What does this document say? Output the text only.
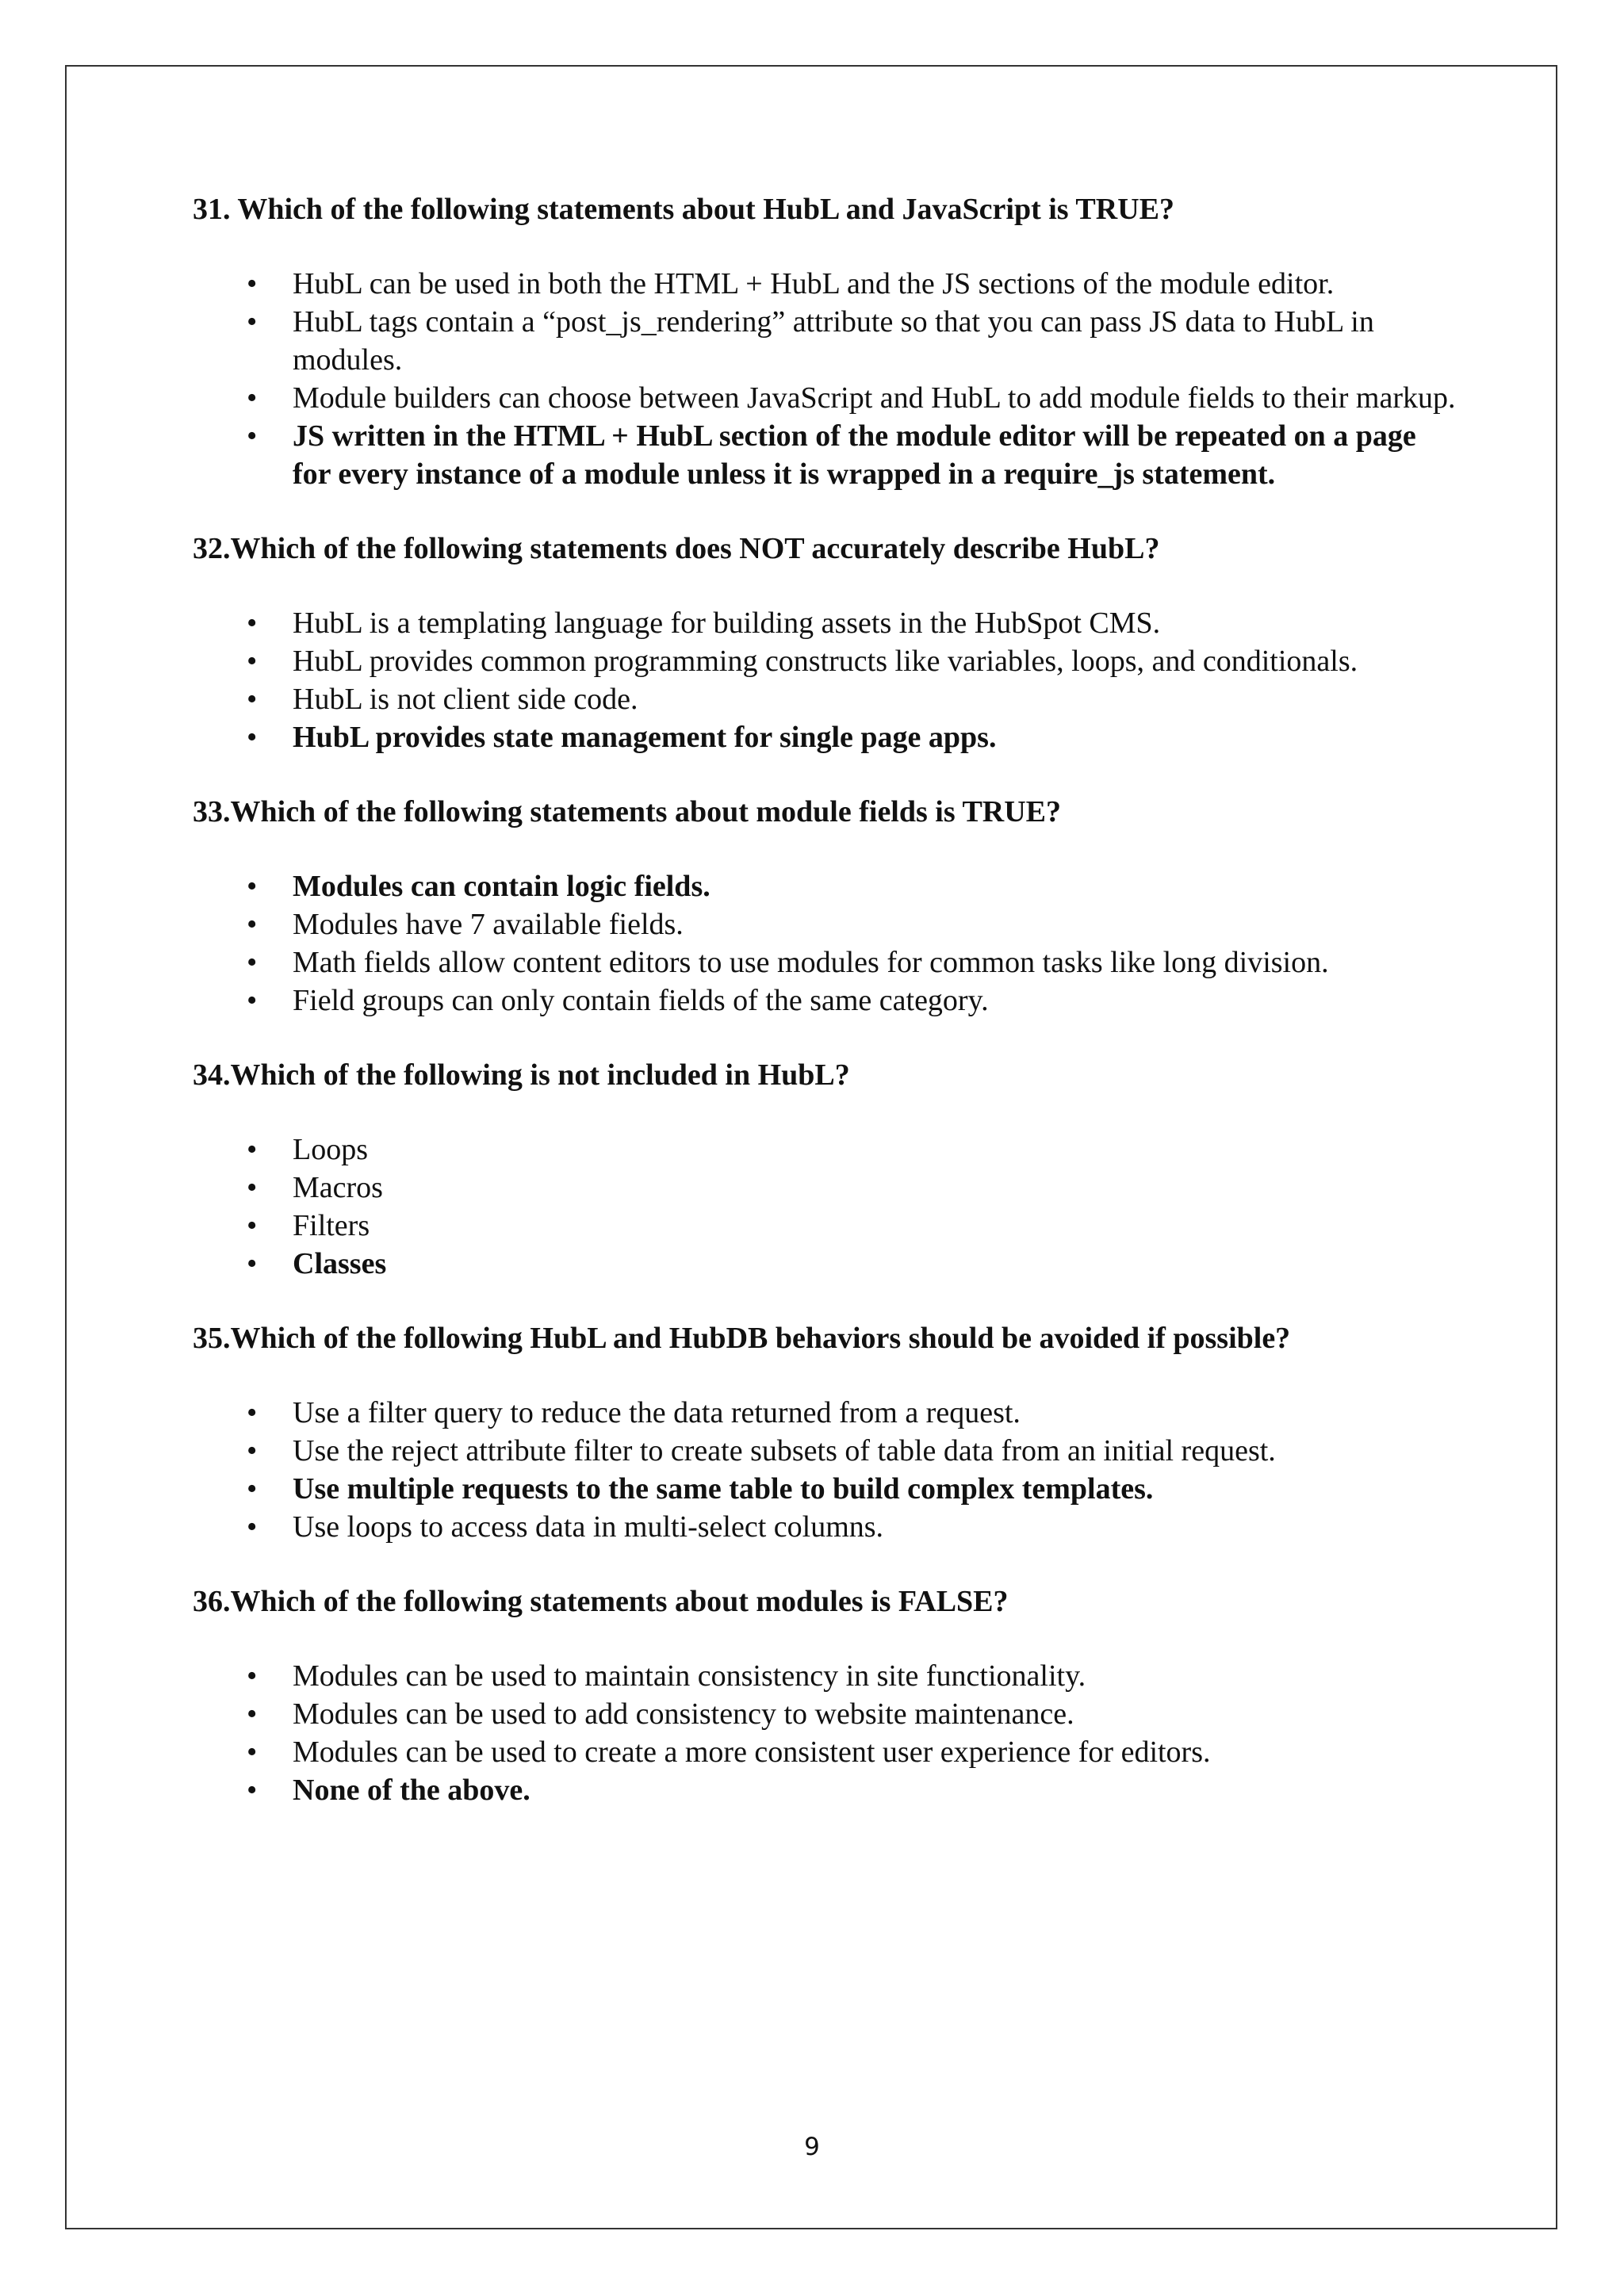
31. Which of the following statements about HubL and JavaScript is TRUE?

• HubL can be used in both the HTML + HubL and the JS sections of the module editor.
• HubL tags contain a “post_js_rendering” attribute so that you can pass JS data to HubL in modules.
• Module builders can choose between JavaScript and HubL to add module fields to their markup.
• JS written in the HTML + HubL section of the module editor will be repeated on a page for every instance of a module unless it is wrapped in a require_js statement.

32.Which of the following statements does NOT accurately describe HubL?

• HubL is a templating language for building assets in the HubSpot CMS.
• HubL provides common programming constructs like variables, loops, and conditionals.
• HubL is not client side code.
• HubL provides state management for single page apps.

33.Which of the following statements about module fields is TRUE?

• Modules can contain logic fields.
• Modules have 7 available fields.
• Math fields allow content editors to use modules for common tasks like long division.
• Field groups can only contain fields of the same category.

34.Which of the following is not included in HubL?

• Loops
• Macros
• Filters
• Classes

35.Which of the following HubL and HubDB behaviors should be avoided if possible?

• Use a filter query to reduce the data returned from a request.
• Use the reject attribute filter to create subsets of table data from an initial request.
• Use multiple requests to the same table to build complex templates.
• Use loops to access data in multi-select columns.

36.Which of the following statements about modules is FALSE?

• Modules can be used to maintain consistency in site functionality.
• Modules can be used to add consistency to website maintenance.
• Modules can be used to create a more consistent user experience for editors.
• None of the above.
9
